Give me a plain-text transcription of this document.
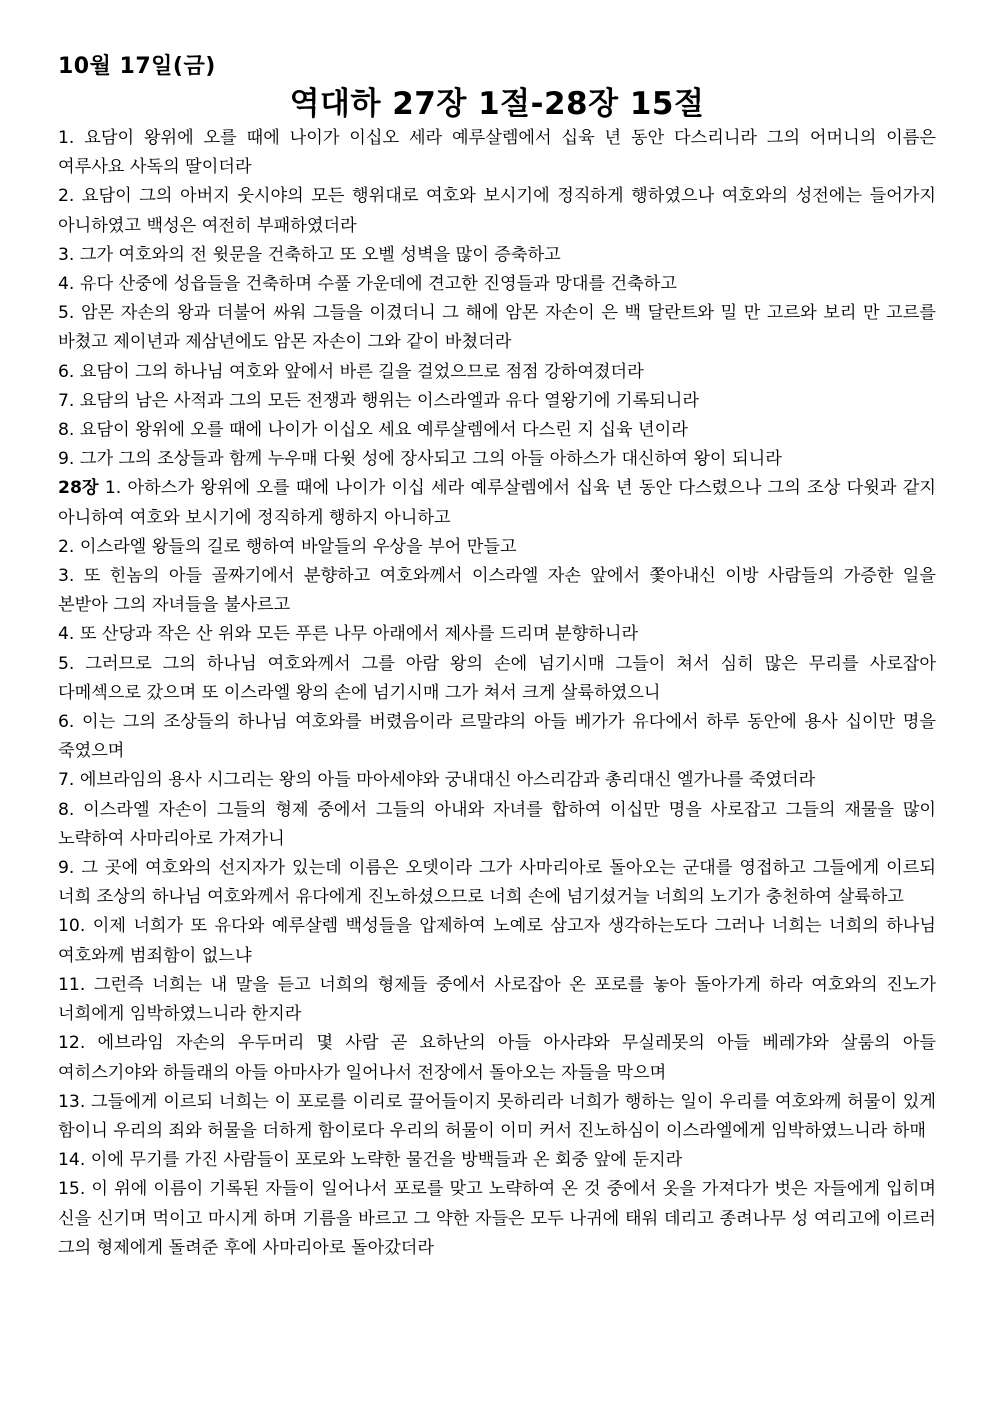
10월 17일(금)
역대하 27장 1절-28장 15절

1. 요담이 왕위에 오를 때에 나이가 이십오 세라 예루살렘에서 십육 년 동안 다스리니라 그의 어머니의 이름은 여루사요 사독의 딸이더라

2. 요담이 그의 아버지 웃시야의 모든 행위대로 여호와 보시기에 정직하게 행하였으나 여호와의 성전에는 들어가지 아니하였고 백성은 여전히 부패하였더라

3. 그가 여호와의 전 윗문을 건축하고 또 오벨 성벽을 많이 증축하고

4. 유다 산중에 성읍들을 건축하며 수풀 가운데에 견고한 진영들과 망대를 건축하고

5. 암몬 자손의 왕과 더불어 싸워 그들을 이겼더니 그 해에 암몬 자손이 은 백 달란트와 밀 만 고르와 보리 만 고르를 바쳤고 제이년과 제삼년에도 암몬 자손이 그와 같이 바쳤더라

6. 요담이 그의 하나님 여호와 앞에서 바른 길을 걸었으므로 점점 강하여졌더라

7. 요담의 남은 사적과 그의 모든 전쟁과 행위는 이스라엘과 유다 열왕기에 기록되니라

8. 요담이 왕위에 오를 때에 나이가 이십오 세요 예루살렘에서 다스린 지 십육 년이라

9. 그가 그의 조상들과 함께 누우매 다윗 성에 장사되고 그의 아들 아하스가 대신하여 왕이 되니라

28장 1. 아하스가 왕위에 오를 때에 나이가 이십 세라 예루살렘에서 십육 년 동안 다스렸으나 그의 조상 다윗과 같지 아니하여 여호와 보시기에 정직하게 행하지 아니하고

2. 이스라엘 왕들의 길로 행하여 바알들의 우상을 부어 만들고

3. 또 힌놈의 아들 골짜기에서 분향하고 여호와께서 이스라엘 자손 앞에서 쫓아내신 이방 사람들의 가증한 일을 본받아 그의 자녀들을 불사르고

4. 또 산당과 작은 산 위와 모든 푸른 나무 아래에서 제사를 드리며 분향하니라

5. 그러므로 그의 하나님 여호와께서 그를 아람 왕의 손에 넘기시매 그들이 쳐서 심히 많은 무리를 사로잡아 다메섹으로 갔으며 또 이스라엘 왕의 손에 넘기시매 그가 쳐서 크게 살륙하였으니

6. 이는 그의 조상들의 하나님 여호와를 버렸음이라 르말랴의 아들 베가가 유다에서 하루 동안에 용사 십이만 명을 죽였으며

7. 에브라임의 용사 시그리는 왕의 아들 마아세야와 궁내대신 아스리감과 총리대신 엘가나를 죽였더라

8. 이스라엘 자손이 그들의 형제 중에서 그들의 아내와 자녀를 합하여 이십만 명을 사로잡고 그들의 재물을 많이 노략하여 사마리아로 가져가니

9. 그 곳에 여호와의 선지자가 있는데 이름은 오뎃이라 그가 사마리아로 돌아오는 군대를 영접하고 그들에게 이르되 너희 조상의 하나님 여호와께서 유다에게 진노하셨으므로 너희 손에 넘기셨거늘 너희의 노기가 충천하여 살륙하고

10. 이제 너희가 또 유다와 예루살렘 백성들을 압제하여 노예로 삼고자 생각하는도다 그러나 너희는 너희의 하나님 여호와께 범죄함이 없느냐

11. 그런즉 너희는 내 말을 듣고 너희의 형제들 중에서 사로잡아 온 포로를 놓아 돌아가게 하라 여호와의 진노가 너희에게 임박하였느니라 한지라

12. 에브라임 자손의 우두머리 몇 사람 곧 요하난의 아들 아사랴와 무실레못의 아들 베레갸와 살룸의 아들 여히스기야와 하들래의 아들 아마사가 일어나서 전장에서 돌아오는 자들을 막으며

13. 그들에게 이르되 너희는 이 포로를 이리로 끌어들이지 못하리라 너희가 행하는 일이 우리를 여호와께 허물이 있게 함이니 우리의 죄와 허물을 더하게 함이로다 우리의 허물이 이미 커서 진노하심이 이스라엘에게 임박하였느니라 하매

14. 이에 무기를 가진 사람들이 포로와 노략한 물건을 방백들과 온 회중 앞에 둔지라

15. 이 위에 이름이 기록된 자들이 일어나서 포로를 맞고 노략하여 온 것 중에서 옷을 가져다가 벗은 자들에게 입히며 신을 신기며 먹이고 마시게 하며 기름을 바르고 그 약한 자들은 모두 나귀에 태워 데리고 종려나무 성 여리고에 이르러 그의 형제에게 돌려준 후에 사마리아로 돌아갔더라
